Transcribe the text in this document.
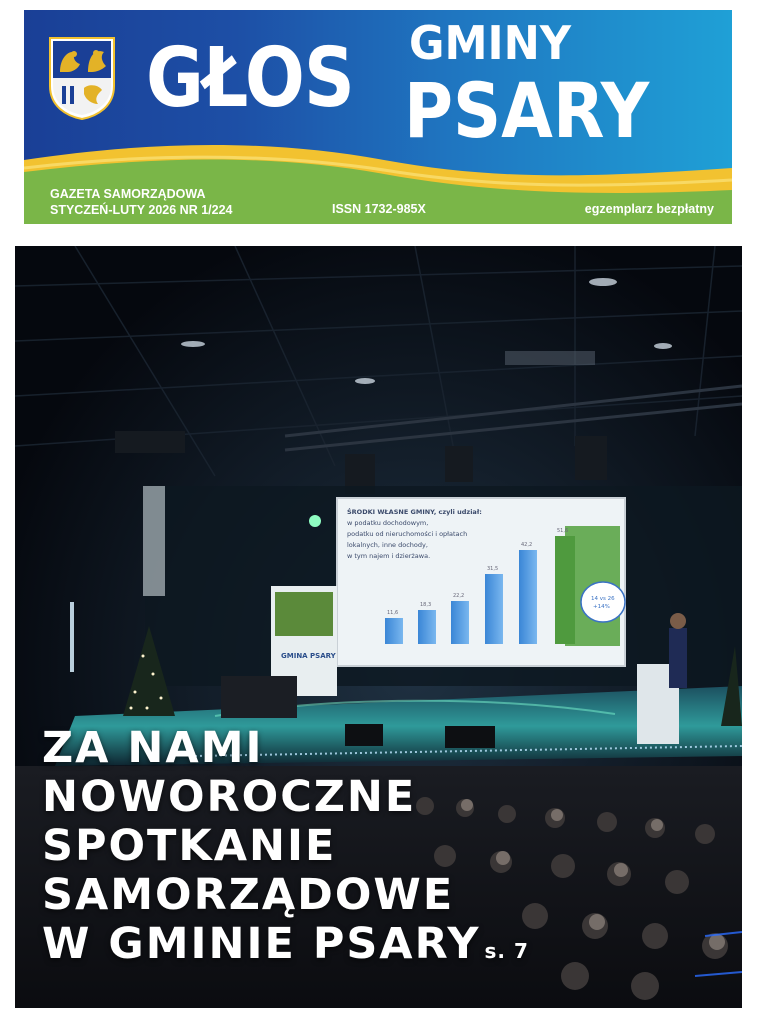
GŁOS GMINY
PSARY
GAZETA SAMORZĄDOWA
STYCZEŃ-LUTY 2026 NR 1/224	ISSN 1732-985X	egzemplarz bezpłatny
11,6
18,3
22,2
31,5
42,2
51,6
ŚRODKI WŁASNE GMINY, czyli udział:
w podatku dochodowym,
podatku od nieruchomości i opłatach
lokalnych, inne dochody,
w tym najem i dzierżawa.
14 vs 26
+14%
GMINA PSARY
ZA NAMI
NOWOROCZNE
SPOTKANIE
SAMORZĄDOWE
W GMINIE PSARY s. 7
